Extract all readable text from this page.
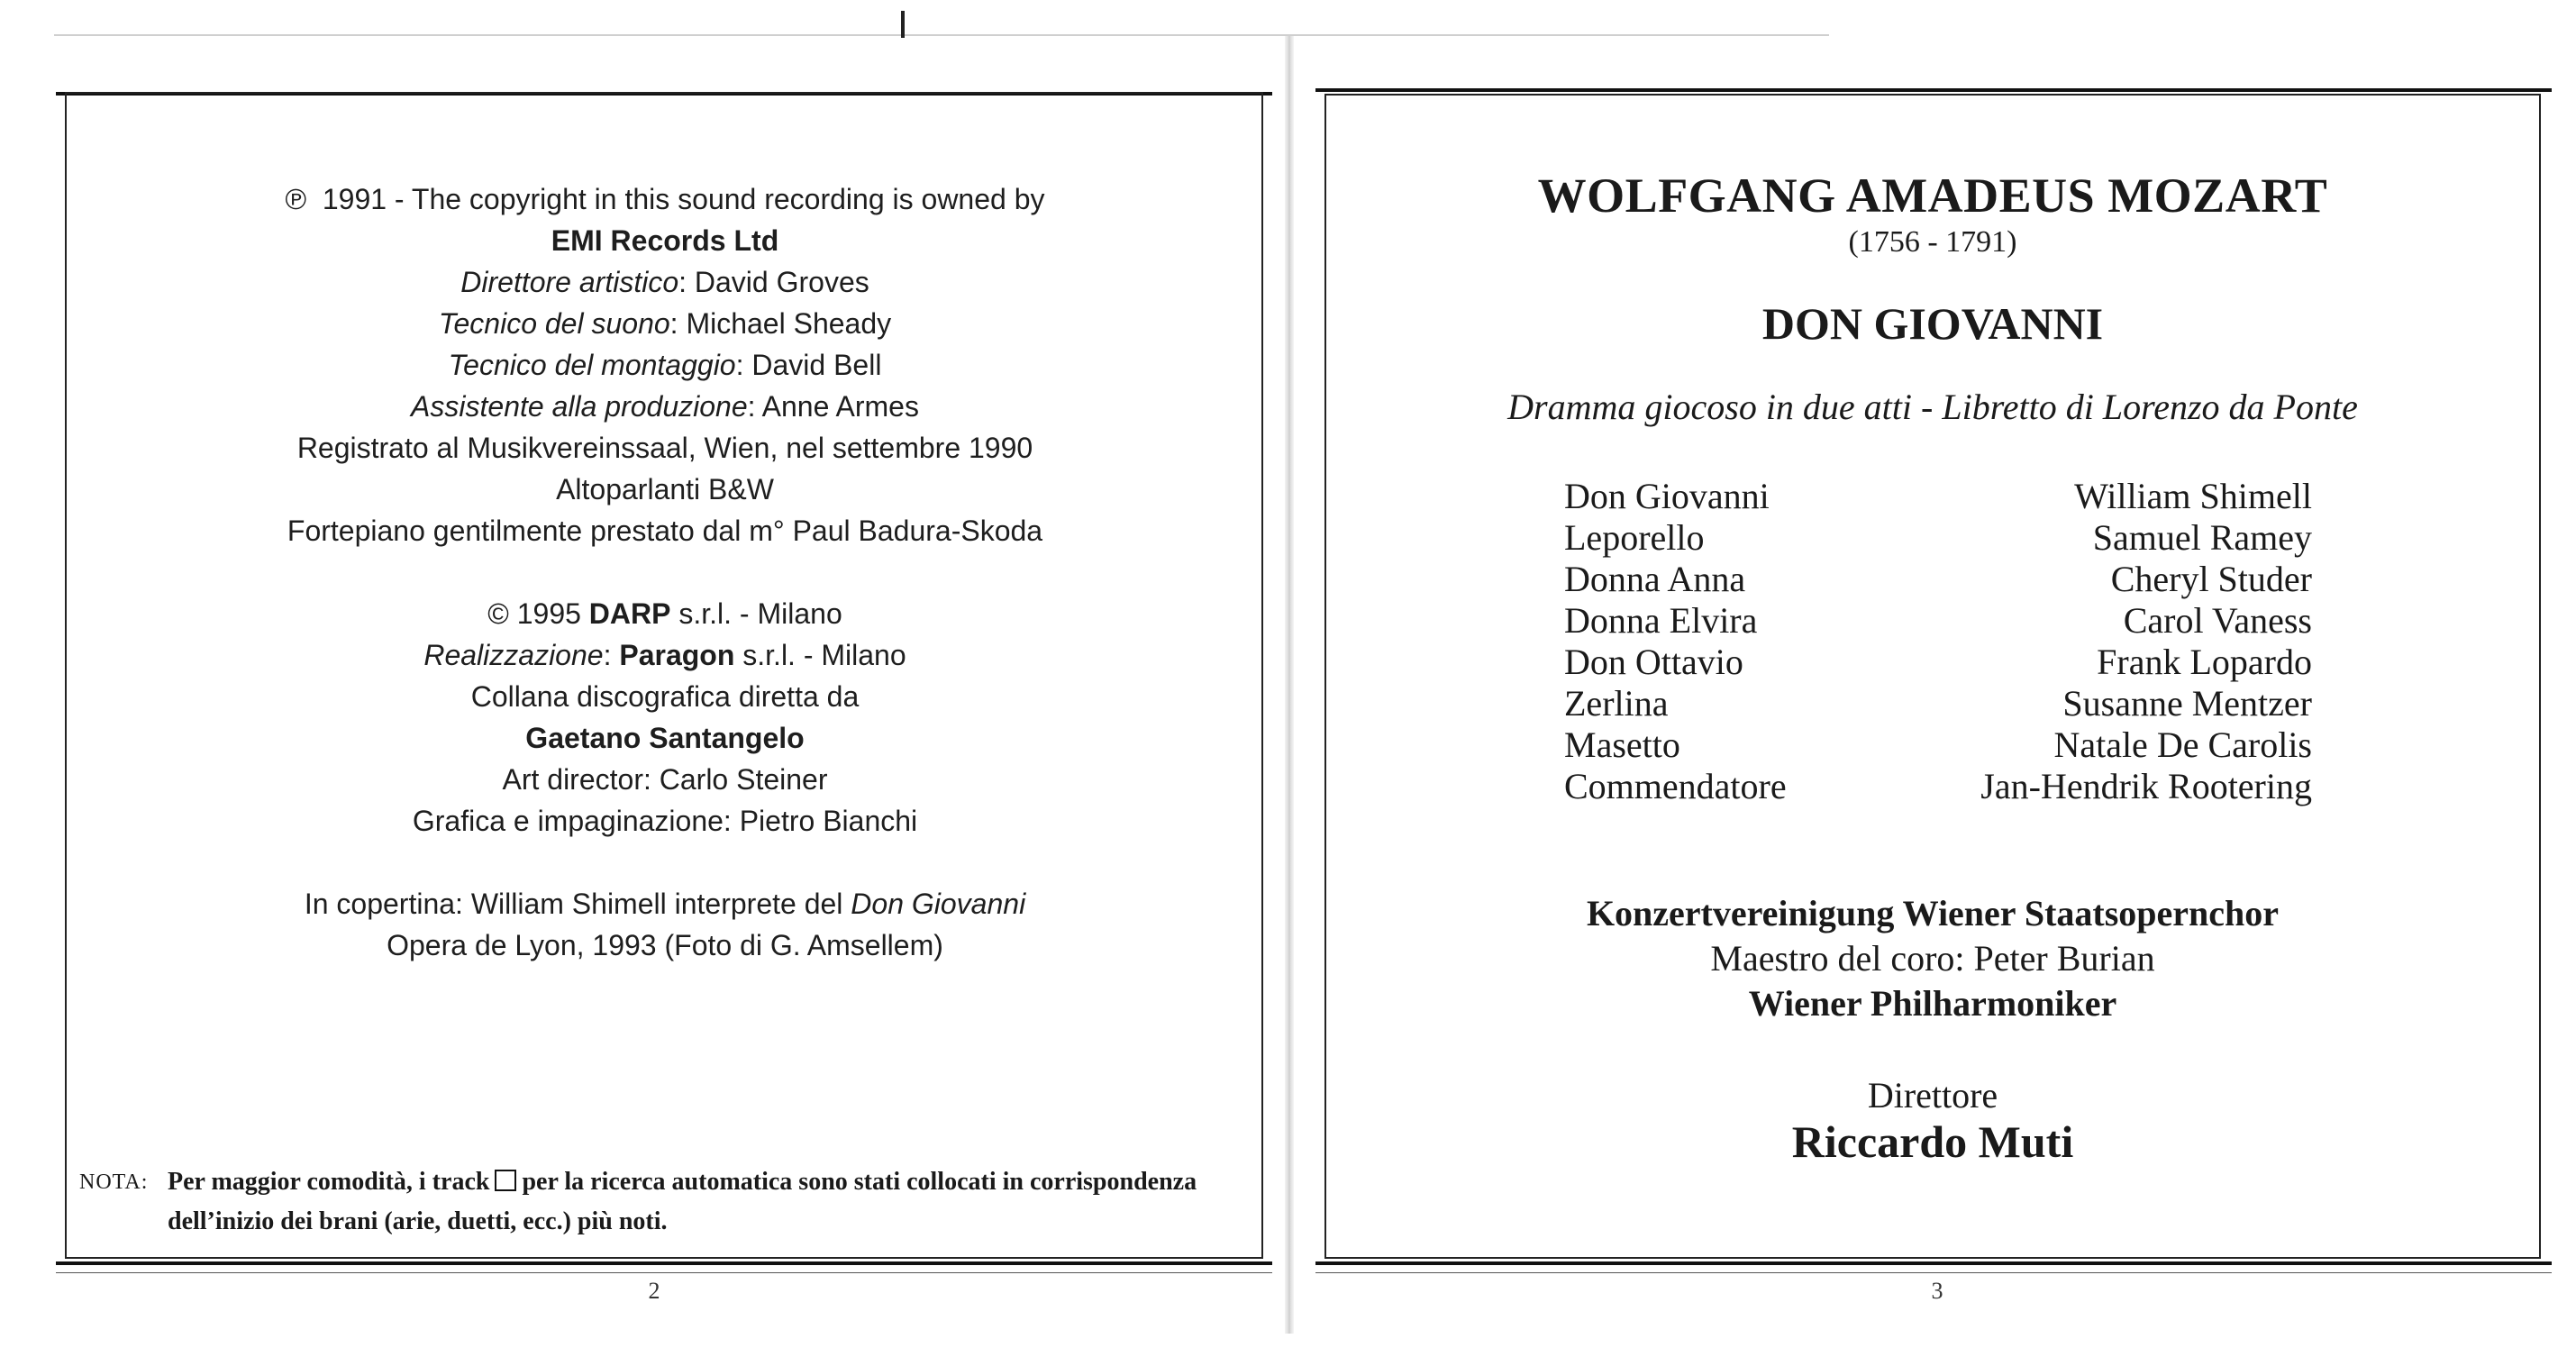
℗ 1991 - The copyright in this sound recording is owned by

EMI Records Ltd

Direttore artistico: David Groves

Tecnico del suono: Michael Sheady

Tecnico del montaggio: David Bell

Assistente alla produzione: Anne Armes

Registrato al Musikvereinssaal, Wien, nel settembre 1990

Altoparlanti B&W

Fortepiano gentilmente prestato dal m° Paul Badura-Skoda

© 1995 DARP s.r.l. - Milano

Realizzazione: Paragon s.r.l. - Milano

Collana discografica diretta da

Gaetano Santangelo

Art director: Carlo Steiner

Grafica e impaginazione: Pietro Bianchi

In copertina: William Shimell interprete del Don Giovanni

Opera de Lyon, 1993 (Foto di G. Amsellem)

NOTA: Per maggior comodità, i track per la ricerca automatica sono stati collocati in corrispondenza dell’inizio dei brani (arie, duetti, ecc.) più noti.
2
WOLFGANG AMADEUS MOZART
(1756 - 1791)
DON GIOVANNI
Dramma giocoso in due atti - Libretto di Lorenzo da Ponte
Don Giovanni	William Shimell
Leporello	Samuel Ramey
Donna Anna	Cheryl Studer
Donna Elvira	Carol Vaness
Don Ottavio	Frank Lopardo
Zerlina	Susanne Mentzer
Masetto	Natale De Carolis
Commendatore	Jan-Hendrik Rootering
Konzertvereinigung Wiener Staatsopernchor
Maestro del coro: Peter Burian
Wiener Philharmoniker
Direttore
Riccardo Muti
3
